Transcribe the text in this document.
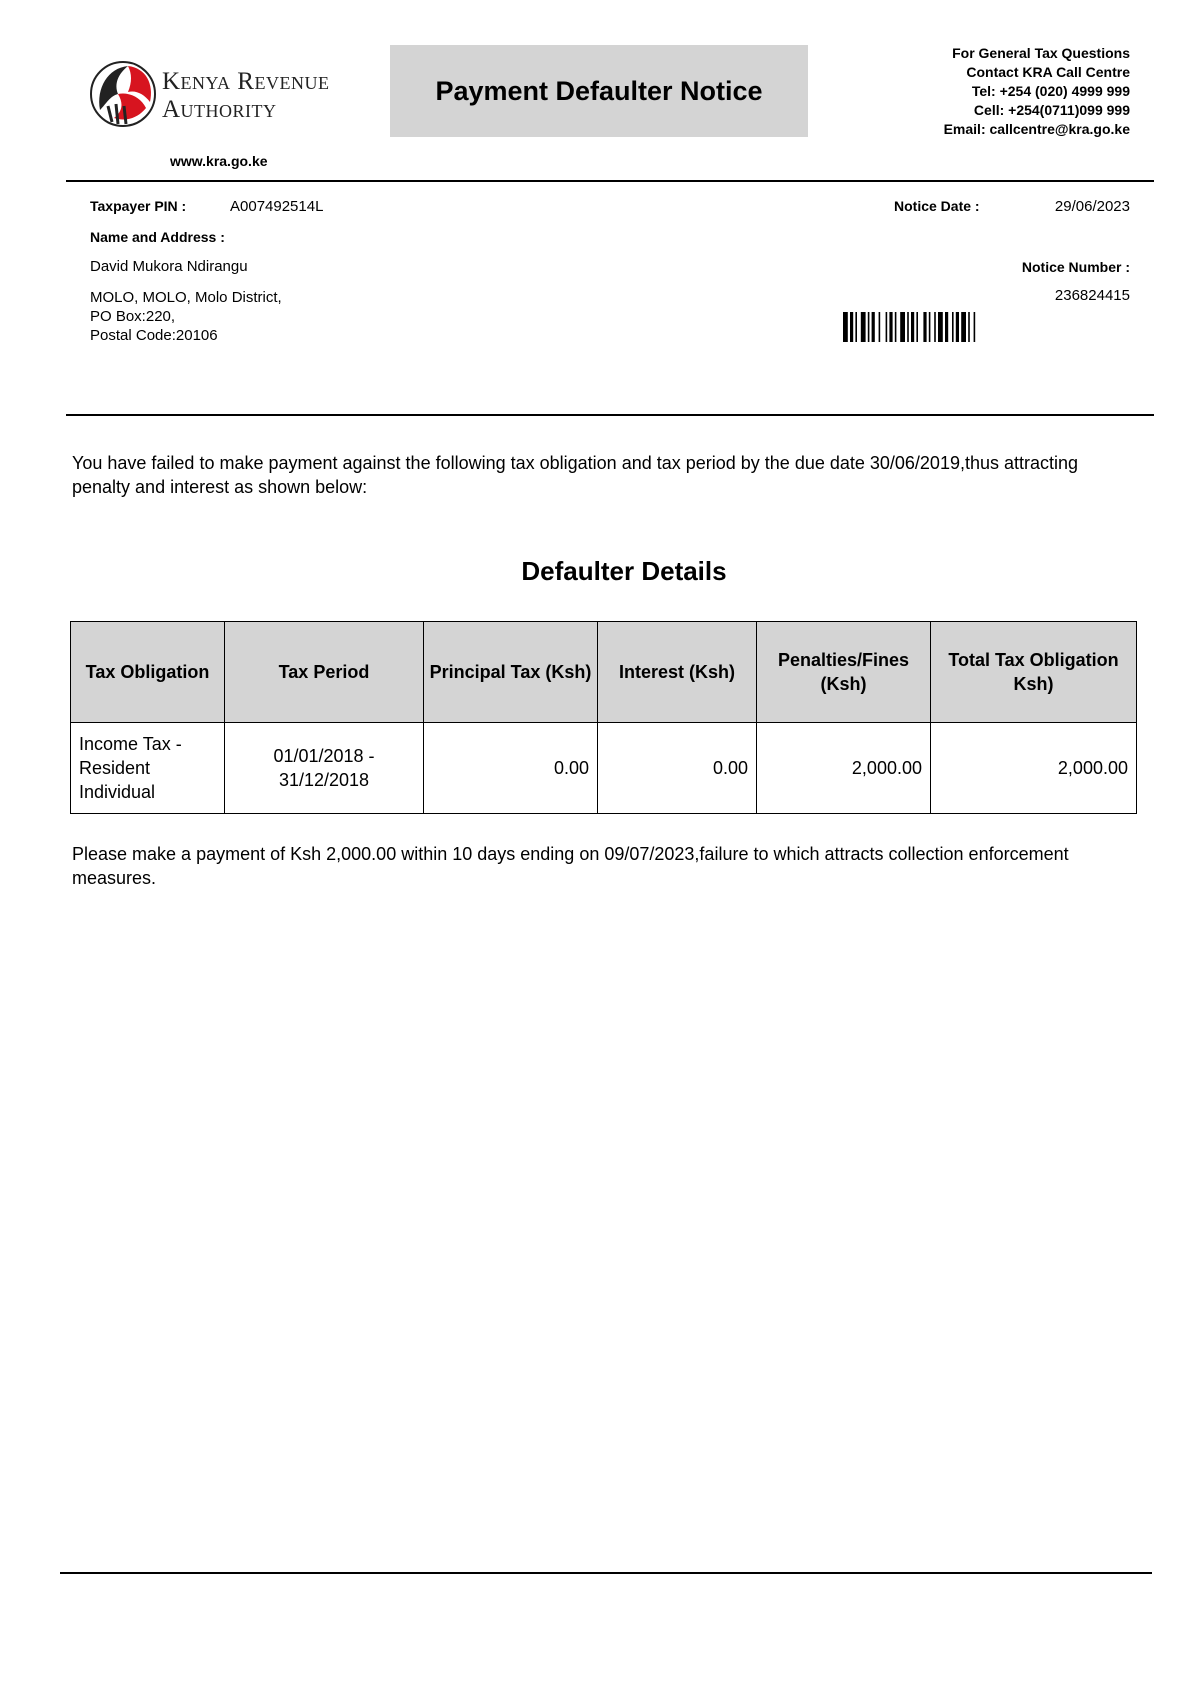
Kenya Revenue
Authority
www.kra.go.ke
Payment Defaulter Notice
For General Tax Questions
Contact KRA Call Centre
Tel: +254 (020) 4999 999
Cell: +254(0711)099 999
Email: callcentre@kra.go.ke
Taxpayer PIN :	A007492514L
Name and Address :
David Mukora Ndirangu
MOLO, MOLO, Molo District,
PO Box:220,
Postal Code:20106
Notice Date :	29/06/2023
Notice Number :
236824415
You have failed to make payment against the following tax obligation and tax period by the due date 30/06/2019,thus attracting penalty and interest as shown below:
Defaulter Details
Tax Obligation	Tax Period	Principal Tax (Ksh)	Interest (Ksh)	Penalties/Fines (Ksh)	Total Tax Obligation Ksh)
Income Tax - Resident Individual	01/01/2018 - 31/12/2018	0.00	0.00	2,000.00	2,000.00
Please make a payment of Ksh 2,000.00 within 10 days ending on 09/07/2023,failure to which attracts collection enforcement measures.
